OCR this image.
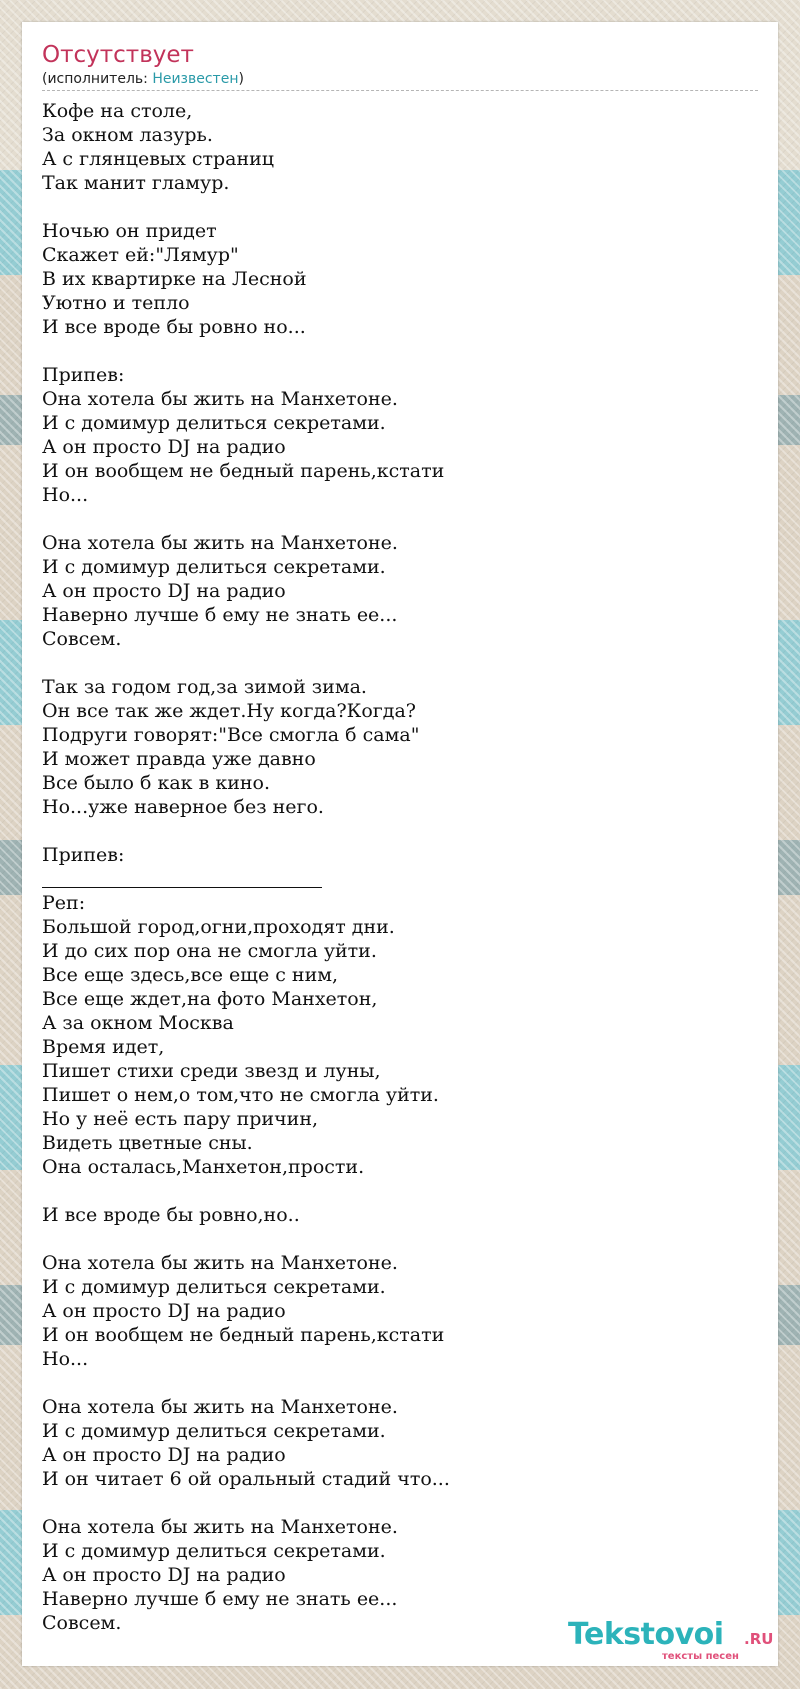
Отсутствует
(исполнитель: Неизвестен)
Кофе на столе,
За окном лазурь.
А с глянцевых страниц
Так манит гламур.
Ночью он придет
Скажет ей:"Лямур"
В их квартирке на Лесной
Уютно и тепло
И все вроде бы ровно но...
Припев:
Она хотела бы жить на Манхетоне.
И с домимур делиться секретами.
А он просто DJ на радио
И он вообщем не бедный парень,кстати
Но...
Она хотела бы жить на Манхетоне.
И с домимур делиться секретами.
А он просто DJ на радио
Наверно лучше б ему не знать ее...
Совсем.
Так за годом год,за зимой зима.
Он все так же ждет.Ну когда?Когда?
Подруги говорят:"Все смогла б сама"
И может правда уже давно
Все было б как в кино.
Но...уже наверное без него.
Припев:
Реп:
Большой город,огни,проходят дни.
И до сих пор она не смогла уйти.
Все еще здесь,все еще с ним,
Все еще ждет,на фото Манхетон,
А за окном Москва
Время идет,
Пишет стихи среди звезд и луны,
Пишет о нем,о том,что не смогла уйти.
Но у неё есть пару причин,
Видеть цветные сны.
Она осталась,Манхетон,прости.
И все вроде бы ровно,но..
Она хотела бы жить на Манхетоне.
И с домимур делиться секретами.
А он просто DJ на радио
И он вообщем не бедный парень,кстати
Но...
Она хотела бы жить на Манхетоне.
И с домимур делиться секретами.
А он просто DJ на радио
И он читает 6 ой оральный стадий что...
Она хотела бы жить на Манхетоне.
И с домимур делиться секретами.
А он просто DJ на радио
Наверно лучше б ему не знать ее...
Совсем.	Tekstovoi .RU
тексты песен
